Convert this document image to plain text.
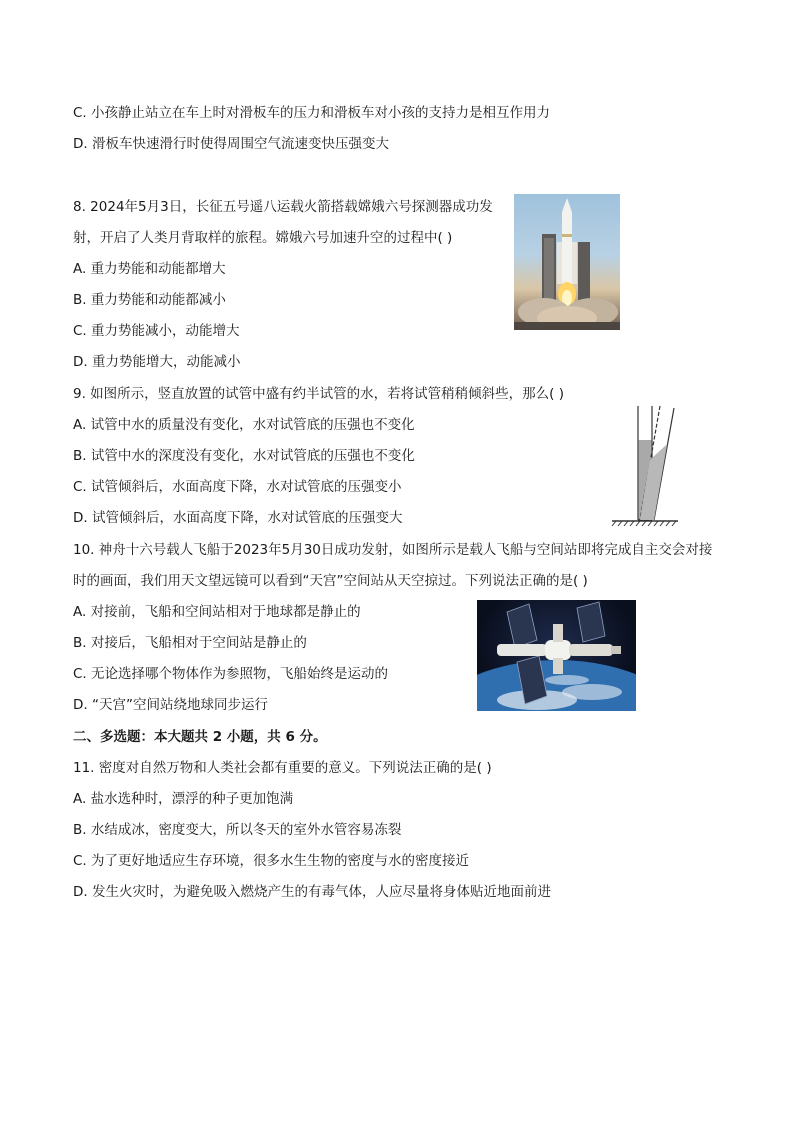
C. 小孩静止站立在车上时对滑板车的压力和滑板车对小孩的支持力是相互作用力
D. 滑板车快速滑行时使得周围空气流速变快压强变大
8. 2024年5月3日，长征五号遥八运载火箭搭载嫦娥六号探测器成功发
射，开启了人类月背取样的旅程。嫦娥六号加速升空的过程中( )
A. 重力势能和动能都增大
B. 重力势能和动能都减小
C. 重力势能减小，动能增大
D. 重力势能增大，动能减小
9. 如图所示，竖直放置的试管中盛有约半试管的水，若将试管稍稍倾斜些，那么( )
A. 试管中水的质量没有变化，水对试管底的压强也不变化
B. 试管中水的深度没有变化，水对试管底的压强也不变化
C. 试管倾斜后，水面高度下降，水对试管底的压强变小
D. 试管倾斜后，水面高度下降，水对试管底的压强变大
10. 神舟十六号载人飞船于2023年5月30日成功发射，如图所示是载人飞船与空间站即将完成自主交会对接
时的画面，我们用天文望远镜可以看到“天宫”空间站从天空掠过。下列说法正确的是( )
A. 对接前，飞船和空间站相对于地球都是静止的
B. 对接后，飞船相对于空间站是静止的
C. 无论选择哪个物体作为参照物，飞船始终是运动的
D. “天宫”空间站绕地球同步运行
二、多选题：本大题共 2 小题，共 6 分。
11. 密度对自然万物和人类社会都有重要的意义。下列说法正确的是( )
A. 盐水选种时，漂浮的种子更加饱满
B. 水结成冰，密度变大，所以冬天的室外水管容易冻裂
C. 为了更好地适应生存环境，很多水生生物的密度与水的密度接近
D. 发生火灾时，为避免吸入燃烧产生的有毒气体，人应尽量将身体贴近地面前进
